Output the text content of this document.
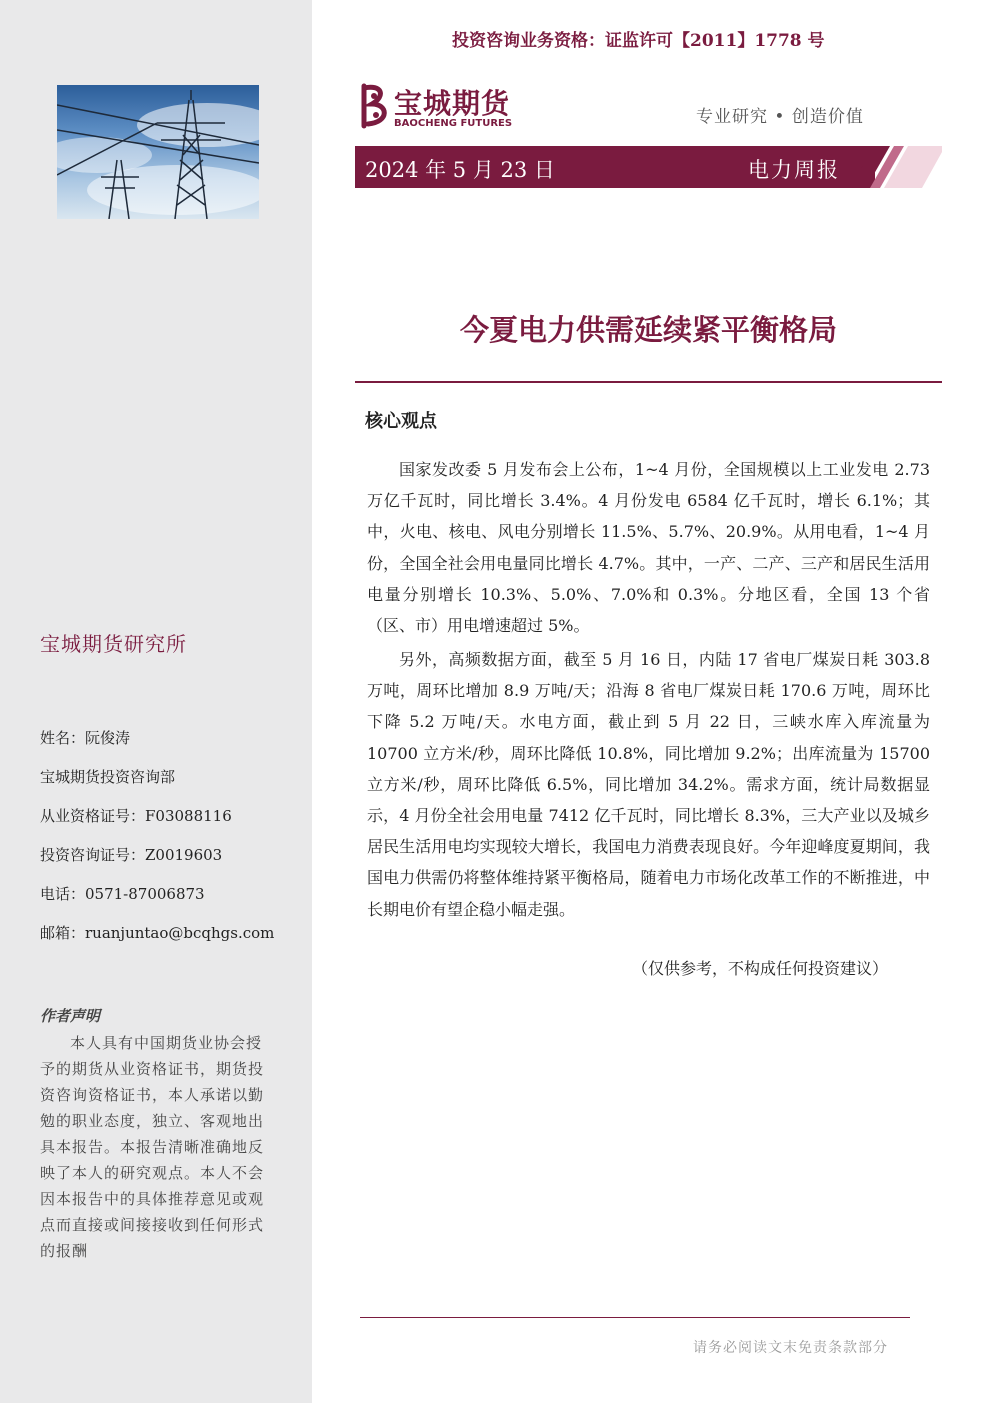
宝城期货研究所
姓名：阮俊涛
宝城期货投资咨询部
从业资格证号：F03088116
投资咨询证号：Z0019603
电话：0571-87006873
邮箱：ruanjuntao@bcqhgs.com
作者声明
本人具有中国期货业协会授予的期货从业资格证书，期货投资咨询资格证书，本人承诺以勤勉的职业态度，独立、客观地出具本报告。本报告清晰准确地反映了本人的研究观点。本人不会因本报告中的具体推荐意见或观点而直接或间接接收到任何形式的报酬
投资咨询业务资格：证监许可【2011】1778 号
宝城期货
BAOCHENG FUTURES	专业研究 • 创造价值
2024 年 5 月 23 日	电力周报
今夏电力供需延续紧平衡格局
核心观点
国家发改委 5 月发布会上公布，1~4 月份，全国规模以上工业发电 2.73 万亿千瓦时，同比增长 3.4%。4 月份发电 6584 亿千瓦时，增长 6.1%；其中，火电、核电、风电分别增长 11.5%、5.7%、20.9%。从用电看，1~4 月份，全国全社会用电量同比增长 4.7%。其中，一产、二产、三产和居民生活用电量分别增长 10.3%、5.0%、7.0%和 0.3%。分地区看，全国 13 个省（区、市）用电增速超过 5%。
另外，高频数据方面，截至 5 月 16 日，内陆 17 省电厂煤炭日耗 303.8 万吨，周环比增加 8.9 万吨/天；沿海 8 省电厂煤炭日耗 170.6 万吨，周环比下降 5.2 万吨/天。水电方面，截止到 5 月 22 日，三峡水库入库流量为 10700 立方米/秒，周环比降低 10.8%，同比增加 9.2%；出库流量为 15700 立方米/秒，周环比降低 6.5%，同比增加 34.2%。需求方面，统计局数据显示，4 月份全社会用电量 7412 亿千瓦时，同比增长 8.3%，三大产业以及城乡居民生活用电均实现较大增长，我国电力消费表现良好。今年迎峰度夏期间，我国电力供需仍将整体维持紧平衡格局，随着电力市场化改革工作的不断推进，中长期电价有望企稳小幅走强。
（仅供参考，不构成任何投资建议）
请务必阅读文末免责条款部分
